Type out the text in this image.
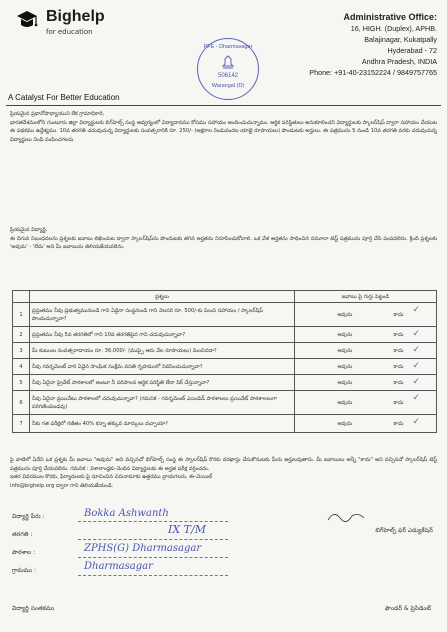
Bighelp
for education
A Catalyst For Better Education
PFE - Dharmasagar
506142
Warangal (D)
Administrative Office:
16, HIGH. (Duplex), APHB.
Balajinagar, Kukatpally
Hyderabad - 72
Andhra Pradesh, INDIA
Phone: +91-40-23152224 / 9849757765
ప్రియమైన ప్రధానోపాధ్యాయుని లేక గ్రామాధికారి,
భారతదేశములోని గుంటూరు జిల్లా విద్యార్థులకు బిగ్‌హెల్ప్ సంస్థ ఆధ్వర్యంలో విద్యాదానము కోసము సహాయం అందించుచున్నాము. ఆర్థిక పరిస్థితులు అనుకూలించని విద్యార్థులకు స్కాలర్‌షిప్ ద్వారా సహాయం చేయుట ఈ పథకము ఉద్దేశ్యము. 10వ తరగతి చదువుచున్న విద్యార్థులకు సంవత్సరానికి రూ. 250/- (అక్షరాల రెండువందల యాభై రూపాయలు) పొందుటకు అర్హులు. ఈ పత్రమును 5 నుండి 10వ తరగతి వరకు చదువుచున్న విద్యార్థులు నింపి పంపించగలరు.
ప్రియమైన విద్యార్థి,
ఈ దిగువ నిబంధనలను ప్రశ్నలకు జవాబు లిఖించుట ద్వారా స్కాలర్‌షిప్‌ను పొందుటకు తగిన అర్హతను నిరూపించుకోవాలి. ఒక వేళ అర్హతను సాధించిన నమూనా టెస్ట్ పత్రమును పూర్తి చేసి పంపవలెను. క్రింది ప్రశ్నలకు 'అవును' - 'లేదు' అని మీ జవాబును తెలియజేయవలెను.
	ప్రశ్నలు	జవాబు పై గుర్తు పెట్టండి
1	ప్రస్తుతము నీవు ప్రభుత్వమునుండి గాని ఏదైనా సంస్థనుండి గాని నెలసరి రూ. 500/-కు మించి సహాయం / స్కాలర్‌షిప్ పొందుచున్నావా?	అవును కాదు ✓

2	ప్రస్తుతము నీవు 5వ తరగతిలో గాని 10వ తరగతిపైన గాని చదువుచున్నావా?	అవును కాదు ✓

3	మీ కుటుంబ సంవత్సరాదాయం రూ. 36,000/- (ముప్పై ఆరు వేల రూపాయలు) మించినదా?	అవును కాదు ✓

4	నీవు గవర్నమెంట్ వారి ఏదైన సాంఘిక సంక్షేమ వసతి గృహములో నివసించుచున్నావా?	అవును కాదు ✓

5	నీవు ఏదైనా ప్రైవేట్ పాఠశాలలో అంటూ నీ పరిపాలన ఆర్థిక పరిస్థితి లేదా పిక్ చేస్తున్నావా?	అవును కాదు ✓

6	నీవు ఏదైనా ప్రయివేటు పాఠశాలలో చదువుచున్నావా? (గమనిక - గవర్నమెంట్ ఎయిడెడ్ పాఠశాలలు ప్రయివేట్ పాఠశాలలుగా పరిగణింపబడవు)	అవును కాదు ✓

7	నీకు గత పరీక్షలో గణితం 40% కన్నా తక్కువ మార్కులు వచ్చాయా?	అవును కాదు ✓
పై వాటిలో ఏదేని ఒక ప్రశ్నకు మీ జవాబు "అవును" అని వచ్చినచో బిగ్‌హెల్ప్ సంస్థ ఈ స్కాలర్‌షిప్ కొరకు దరఖాస్తు చేసుకొనుటకు మీరు అర్హులవుతారు. మీ జవాబులు అన్నీ "కాదు" అని వచ్చినచో స్కాలర్‌షిప్ టెస్ట్ పత్రమును పూర్తి చేయవలెను. గమనిక : విశాలాంధ్రకు చెందిన విద్యార్థులకు ఈ అర్హత పరీక్ష వర్తించదు.
ఇతర వివరముల కొరకు, ఫిర్యాదులకు పై సూచించిన చిరునామాకు ఉత్తరము వ్రాయగలరు, ఈ-మెయిల్
info@bighelp.org ద్వారా గాని తెలియజేయండి.
విద్యార్థి పేరు :	Bokka Ashwanth
తరగతి :	IX T/M
పాఠశాల :	ZPHS(G) Dharmasagar
గ్రామము :	Dharmasagar
విద్యార్థి సంతకము
బిగ్‌హెల్ప్ ఫర్ ఎడ్యుకేషన్
ఫౌండర్ & ప్రెసిడెంట్
